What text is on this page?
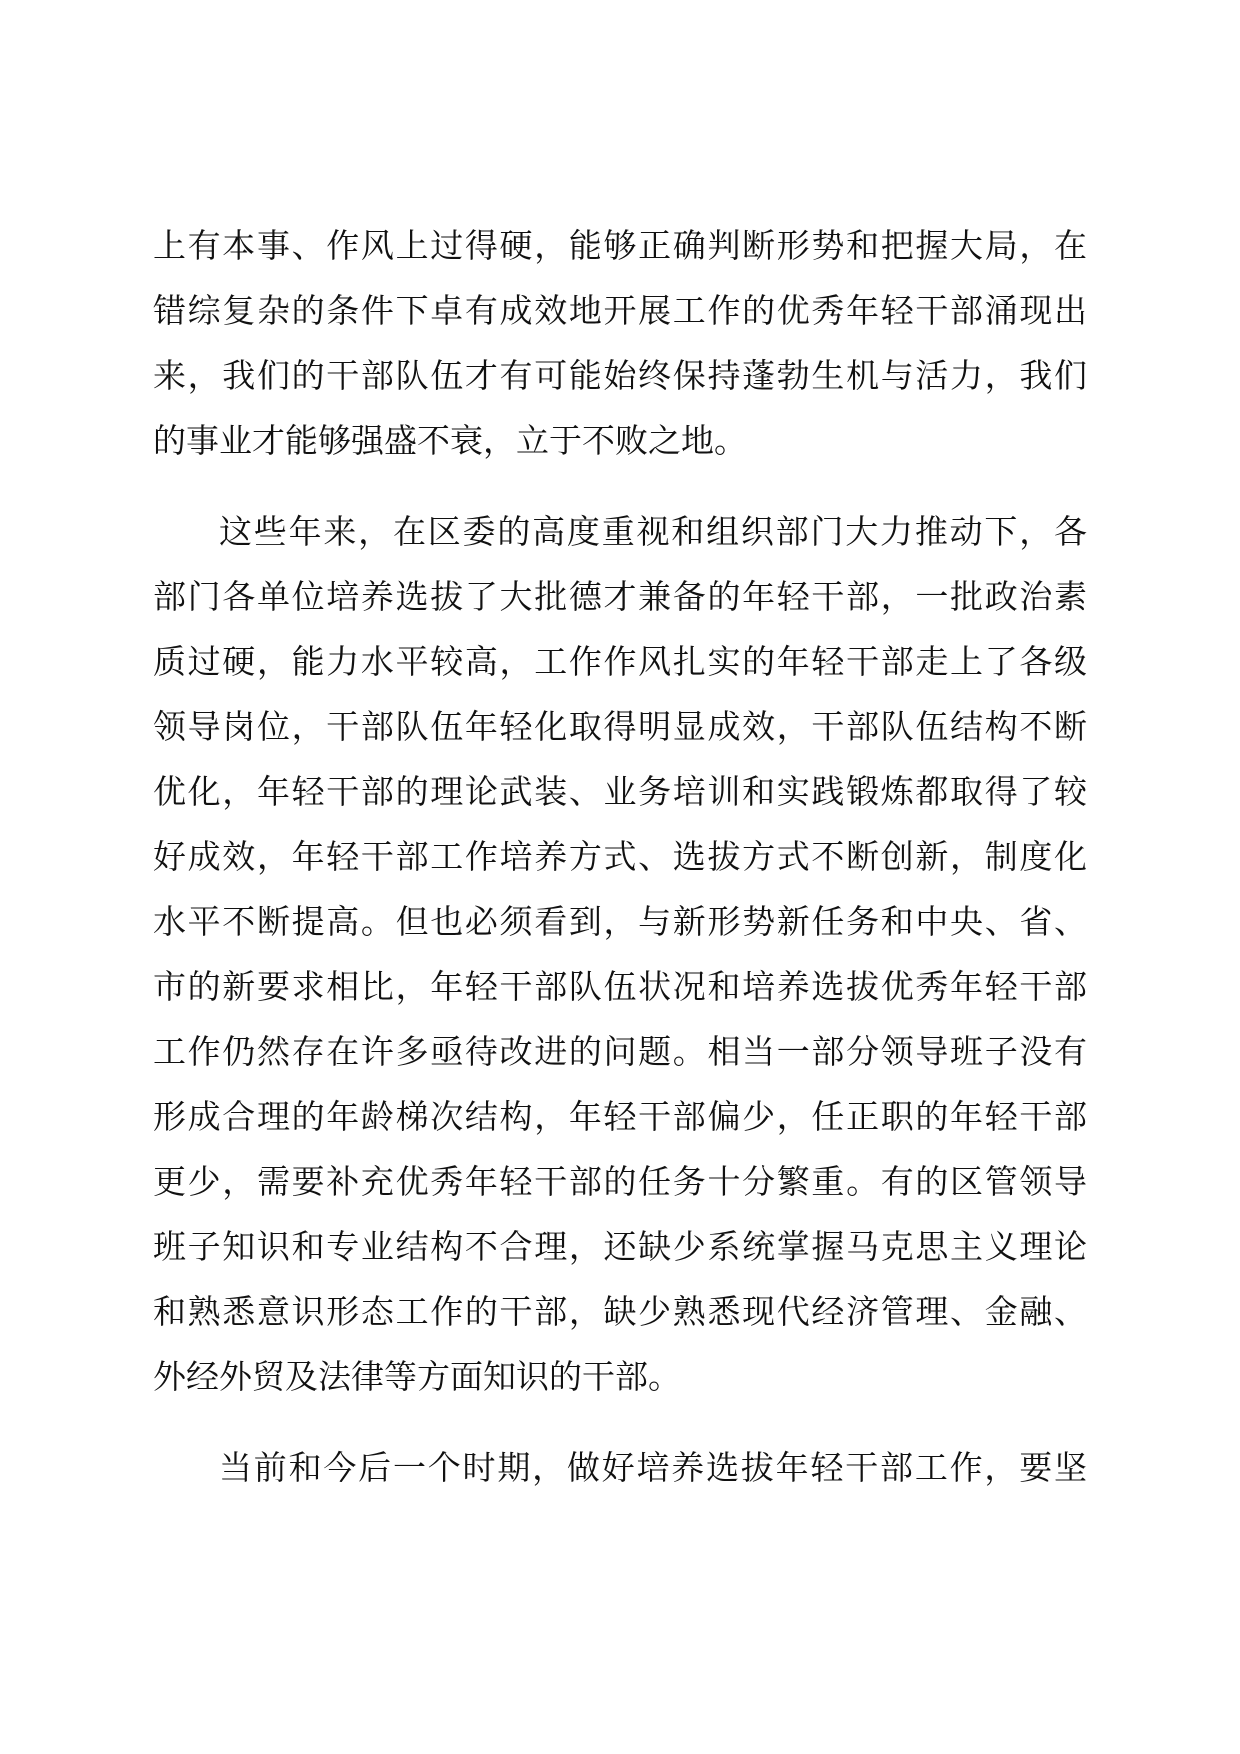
上有本事、作风上过得硬，能够正确判断形势和把握大局，在
错综复杂的条件下卓有成效地开展工作的优秀年轻干部涌现出
来，我们的干部队伍才有可能始终保持蓬勃生机与活力，我们
的事业才能够强盛不衰，立于不败之地。
这些年来，在区委的高度重视和组织部门大力推动下，各
部门各单位培养选拔了大批德才兼备的年轻干部，一批政治素
质过硬，能力水平较高，工作作风扎实的年轻干部走上了各级
领导岗位，干部队伍年轻化取得明显成效，干部队伍结构不断
优化，年轻干部的理论武装、业务培训和实践锻炼都取得了较
好成效，年轻干部工作培养方式、选拔方式不断创新，制度化
水平不断提高。但也必须看到，与新形势新任务和中央、省、
市的新要求相比，年轻干部队伍状况和培养选拔优秀年轻干部
工作仍然存在许多亟待改进的问题。相当一部分领导班子没有
形成合理的年龄梯次结构，年轻干部偏少，任正职的年轻干部
更少，需要补充优秀年轻干部的任务十分繁重。有的区管领导
班子知识和专业结构不合理，还缺少系统掌握马克思主义理论
和熟悉意识形态工作的干部，缺少熟悉现代经济管理、金融、
外经外贸及法律等方面知识的干部。
当前和今后一个时期，做好培养选拔年轻干部工作，要坚
